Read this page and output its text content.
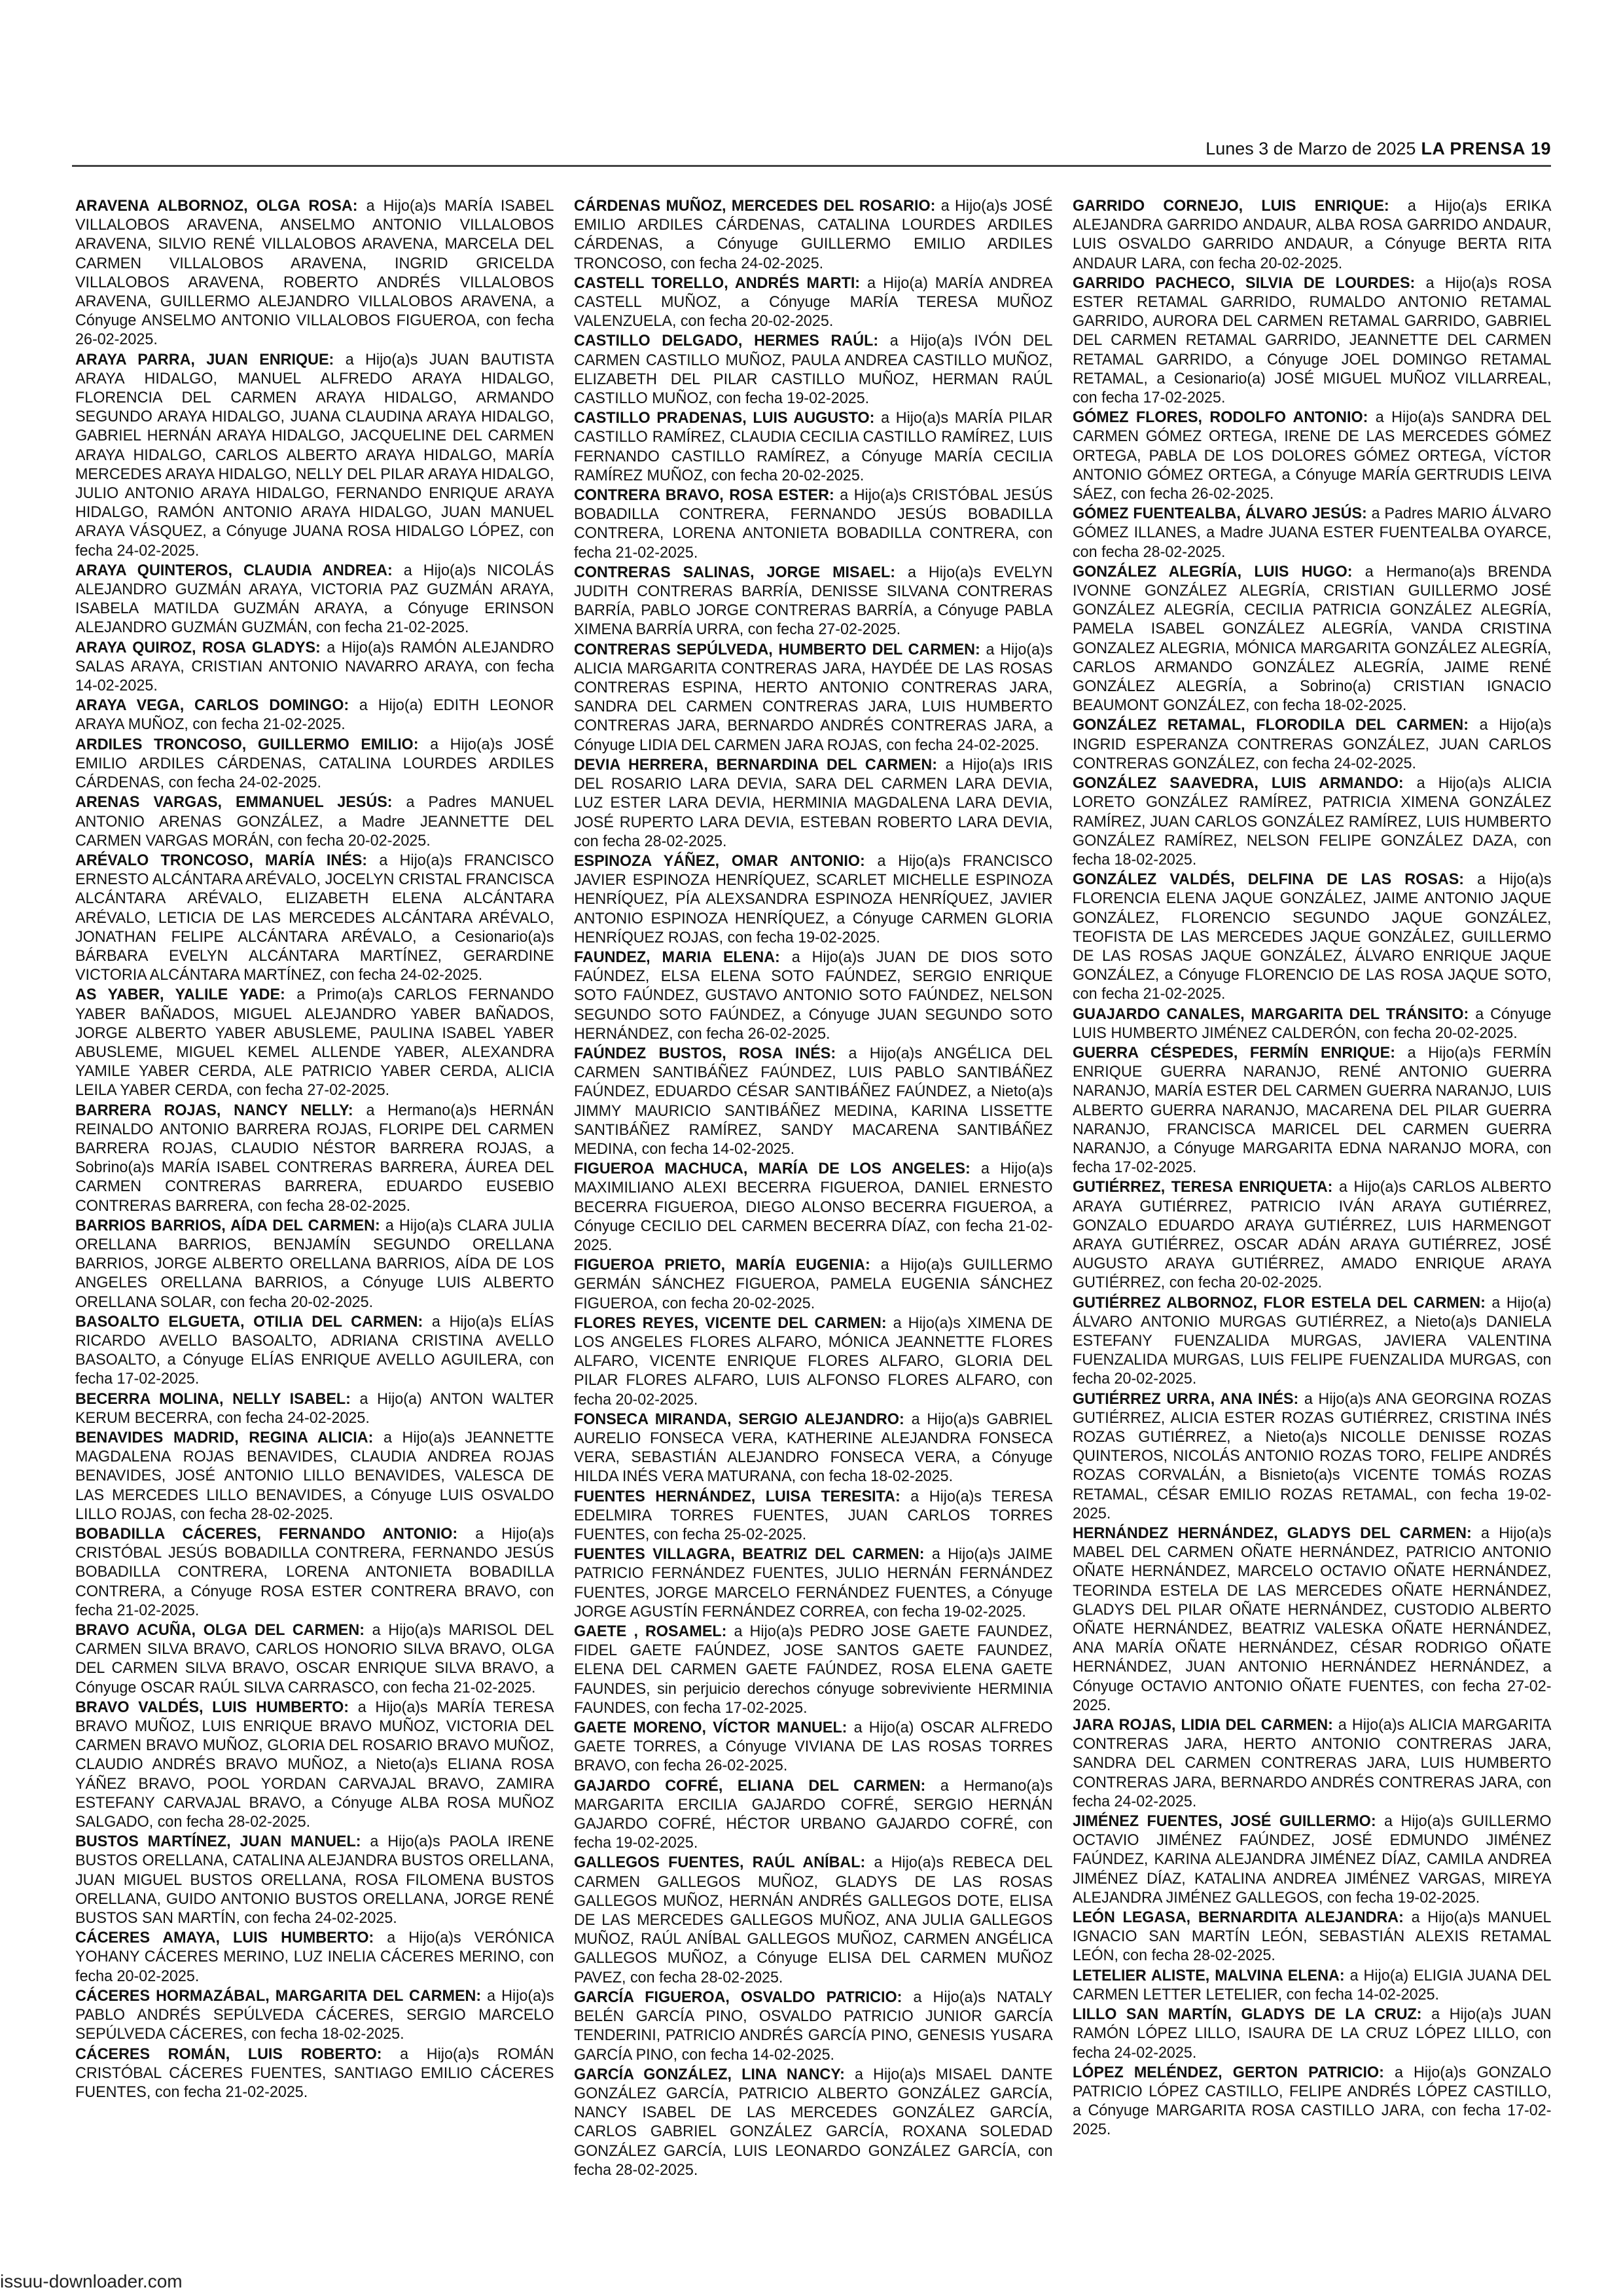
Lunes 3 de Marzo de 2025 LA PRENSA 19

ARAVENA ALBORNOZ, OLGA ROSA: a Hijo(a)s MARÍA ISABEL VILLALOBOS ARAVENA, ANSELMO ANTONIO VILLALOBOS ARAVENA, SILVIO RENÉ VILLALOBOS ARAVENA, MARCELA DEL CARMEN VILLALOBOS ARAVENA, INGRID GRICELDA VILLALOBOS ARAVENA, ROBERTO ANDRÉS VILLALOBOS ARAVENA, GUILLERMO ALEJANDRO VILLALOBOS ARAVENA, a Cónyuge ANSELMO ANTONIO VILLALOBOS FIGUEROA, con fecha 26-02-2025.

ARAYA PARRA, JUAN ENRIQUE: a Hijo(a)s JUAN BAUTISTA ARAYA HIDALGO, MANUEL ALFREDO ARAYA HIDALGO, FLORENCIA DEL CARMEN ARAYA HIDALGO, ARMANDO SEGUNDO ARAYA HIDALGO, JUANA CLAUDINA ARAYA HIDALGO, GABRIEL HERNÁN ARAYA HIDALGO, JACQUELINE DEL CARMEN ARAYA HIDALGO, CARLOS ALBERTO ARAYA HIDALGO, MARÍA MERCEDES ARAYA HIDALGO, NELLY DEL PILAR ARAYA HIDALGO, JULIO ANTONIO ARAYA HIDALGO, FERNANDO ENRIQUE ARAYA HIDALGO, RAMÓN ANTONIO ARAYA HIDALGO, JUAN MANUEL ARAYA VÁSQUEZ, a Cónyuge JUANA ROSA HIDALGO LÓPEZ, con fecha 24-02-2025.

ARAYA QUINTEROS, CLAUDIA ANDREA: a Hijo(a)s NICOLÁS ALEJANDRO GUZMÁN ARAYA, VICTORIA PAZ GUZMÁN ARAYA, ISABELA MATILDA GUZMÁN ARAYA, a Cónyuge ERINSON ALEJANDRO GUZMÁN GUZMÁN, con fecha 21-02-2025.

ARAYA QUIROZ, ROSA GLADYS: a Hijo(a)s RAMÓN ALEJANDRO SALAS ARAYA, CRISTIAN ANTONIO NAVARRO ARAYA, con fecha 14-02-2025.

ARAYA VEGA, CARLOS DOMINGO: a Hijo(a) EDITH LEONOR ARAYA MUÑOZ, con fecha 21-02-2025.

ARDILES TRONCOSO, GUILLERMO EMILIO: a Hijo(a)s JOSÉ EMILIO ARDILES CÁRDENAS, CATALINA LOURDES ARDILES CÁRDENAS, con fecha 24-02-2025.

ARENAS VARGAS, EMMANUEL JESÚS: a Padres MANUEL ANTONIO ARENAS GONZÁLEZ, a Madre JEANNETTE DEL CARMEN VARGAS MORÁN, con fecha 20-02-2025.

ARÉVALO TRONCOSO, MARÍA INÉS: a Hijo(a)s FRANCISCO ERNESTO ALCÁNTARA ARÉVALO, JOCELYN CRISTAL FRANCISCA ALCÁNTARA ARÉVALO, ELIZABETH ELENA ALCÁNTARA ARÉVALO, LETICIA DE LAS MERCEDES ALCÁNTARA ARÉVALO, JONATHAN FELIPE ALCÁNTARA ARÉVALO, a Cesionario(a)s BÁRBARA EVELYN ALCÁNTARA MARTÍNEZ, GERARDINE VICTORIA ALCÁNTARA MARTÍNEZ, con fecha 24-02-2025.

AS YABER, YALILE YADE: a Primo(a)s CARLOS FERNANDO YABER BAÑADOS, MIGUEL ALEJANDRO YABER BAÑADOS, JORGE ALBERTO YABER ABUSLEME, PAULINA ISABEL YABER ABUSLEME, MIGUEL KEMEL ALLENDE YABER, ALEXANDRA YAMILE YABER CERDA, ALE PATRICIO YABER CERDA, ALICIA LEILA YABER CERDA, con fecha 27-02-2025.

BARRERA ROJAS, NANCY NELLY: a Hermano(a)s HERNÁN REINALDO ANTONIO BARRERA ROJAS, FLORIPE DEL CARMEN BARRERA ROJAS, CLAUDIO NÉSTOR BARRERA ROJAS, a Sobrino(a)s MARÍA ISABEL CONTRERAS BARRERA, ÁUREA DEL CARMEN CONTRERAS BARRERA, EDUARDO EUSEBIO CONTRERAS BARRERA, con fecha 28-02-2025.

BARRIOS BARRIOS, AÍDA DEL CARMEN: a Hijo(a)s CLARA JULIA ORELLANA BARRIOS, BENJAMÍN SEGUNDO ORELLANA BARRIOS, JORGE ALBERTO ORELLANA BARRIOS, AÍDA DE LOS ANGELES ORELLANA BARRIOS, a Cónyuge LUIS ALBERTO ORELLANA SOLAR, con fecha 20-02-2025.

BASOALTO ELGUETA, OTILIA DEL CARMEN: a Hijo(a)s ELÍAS RICARDO AVELLO BASOALTO, ADRIANA CRISTINA AVELLO BASOALTO, a Cónyuge ELÍAS ENRIQUE AVELLO AGUILERA, con fecha 17-02-2025.

BECERRA MOLINA, NELLY ISABEL: a Hijo(a) ANTON WALTER KERUM BECERRA, con fecha 24-02-2025.

BENAVIDES MADRID, REGINA ALICIA: a Hijo(a)s JEANNETTE MAGDALENA ROJAS BENAVIDES, CLAUDIA ANDREA ROJAS BENAVIDES, JOSÉ ANTONIO LILLO BENAVIDES, VALESCA DE LAS MERCEDES LILLO BENAVIDES, a Cónyuge LUIS OSVALDO LILLO ROJAS, con fecha 28-02-2025.

BOBADILLA CÁCERES, FERNANDO ANTONIO: a Hijo(a)s CRISTÓBAL JESÚS BOBADILLA CONTRERA, FERNANDO JESÚS BOBADILLA CONTRERA, LORENA ANTONIETA BOBADILLA CONTRERA, a Cónyuge ROSA ESTER CONTRERA BRAVO, con fecha 21-02-2025.

BRAVO ACUÑA, OLGA DEL CARMEN: a Hijo(a)s MARISOL DEL CARMEN SILVA BRAVO, CARLOS HONORIO SILVA BRAVO, OLGA DEL CARMEN SILVA BRAVO, OSCAR ENRIQUE SILVA BRAVO, a Cónyuge OSCAR RAÚL SILVA CARRASCO, con fecha 21-02-2025.

BRAVO VALDÉS, LUIS HUMBERTO: a Hijo(a)s MARÍA TERESA BRAVO MUÑOZ, LUIS ENRIQUE BRAVO MUÑOZ, VICTORIA DEL CARMEN BRAVO MUÑOZ, GLORIA DEL ROSARIO BRAVO MUÑOZ, CLAUDIO ANDRÉS BRAVO MUÑOZ, a Nieto(a)s ELIANA ROSA YÁÑEZ BRAVO, POOL YORDAN CARVAJAL BRAVO, ZAMIRA ESTEFANY CARVAJAL BRAVO, a Cónyuge ALBA ROSA MUÑOZ SALGADO, con fecha 28-02-2025.

BUSTOS MARTÍNEZ, JUAN MANUEL: a Hijo(a)s PAOLA IRENE BUSTOS ORELLANA, CATALINA ALEJANDRA BUSTOS ORELLANA, JUAN MIGUEL BUSTOS ORELLANA, ROSA FILOMENA BUSTOS ORELLANA, GUIDO ANTONIO BUSTOS ORELLANA, JORGE RENÉ BUSTOS SAN MARTÍN, con fecha 24-02-2025.

CÁCERES AMAYA, LUIS HUMBERTO: a Hijo(a)s VERÓNICA YOHANY CÁCERES MERINO, LUZ INELIA CÁCERES MERINO, con fecha 20-02-2025.

CÁCERES HORMAZÁBAL, MARGARITA DEL CARMEN: a Hijo(a)s PABLO ANDRÉS SEPÚLVEDA CÁCERES, SERGIO MARCELO SEPÚLVEDA CÁCERES, con fecha 18-02-2025.

CÁCERES ROMÁN, LUIS ROBERTO: a Hijo(a)s ROMÁN CRISTÓBAL CÁCERES FUENTES, SANTIAGO EMILIO CÁCERES FUENTES, con fecha 21-02-2025.

CÁRDENAS MUÑOZ, MERCEDES DEL ROSARIO: a Hijo(a)s JOSÉ EMILIO ARDILES CÁRDENAS, CATALINA LOURDES ARDILES CÁRDENAS, a Cónyuge GUILLERMO EMILIO ARDILES TRONCOSO, con fecha 24-02-2025.

CASTELL TORELLO, ANDRÉS MARTI: a Hijo(a) MARÍA ANDREA CASTELL MUÑOZ, a Cónyuge MARÍA TERESA MUÑOZ VALENZUELA, con fecha 20-02-2025.

CASTILLO DELGADO, HERMES RAÚL: a Hijo(a)s IVÓN DEL CARMEN CASTILLO MUÑOZ, PAULA ANDREA CASTILLO MUÑOZ, ELIZABETH DEL PILAR CASTILLO MUÑOZ, HERMAN RAÚL CASTILLO MUÑOZ, con fecha 19-02-2025.

CASTILLO PRADENAS, LUIS AUGUSTO: a Hijo(a)s MARÍA PILAR CASTILLO RAMÍREZ, CLAUDIA CECILIA CASTILLO RAMÍREZ, LUIS FERNANDO CASTILLO RAMÍREZ, a Cónyuge MARÍA CECILIA RAMÍREZ MUÑOZ, con fecha 20-02-2025.

CONTRERA BRAVO, ROSA ESTER: a Hijo(a)s CRISTÓBAL JESÚS BOBADILLA CONTRERA, FERNANDO JESÚS BOBADILLA CONTRERA, LORENA ANTONIETA BOBADILLA CONTRERA, con fecha 21-02-2025.

CONTRERAS SALINAS, JORGE MISAEL: a Hijo(a)s EVELYN JUDITH CONTRERAS BARRÍA, DENISSE SILVANA CONTRERAS BARRÍA, PABLO JORGE CONTRERAS BARRÍA, a Cónyuge PABLA XIMENA BARRÍA URRA, con fecha 27-02-2025.

CONTRERAS SEPÚLVEDA, HUMBERTO DEL CARMEN: a Hijo(a)s ALICIA MARGARITA CONTRERAS JARA, HAYDÉE DE LAS ROSAS CONTRERAS ESPINA, HERTO ANTONIO CONTRERAS JARA, SANDRA DEL CARMEN CONTRERAS JARA, LUIS HUMBERTO CONTRERAS JARA, BERNARDO ANDRÉS CONTRERAS JARA, a Cónyuge LIDIA DEL CARMEN JARA ROJAS, con fecha 24-02-2025.

DEVIA HERRERA, BERNARDINA DEL CARMEN: a Hijo(a)s IRIS DEL ROSARIO LARA DEVIA, SARA DEL CARMEN LARA DEVIA, LUZ ESTER LARA DEVIA, HERMINIA MAGDALENA LARA DEVIA, JOSÉ RUPERTO LARA DEVIA, ESTEBAN ROBERTO LARA DEVIA, con fecha 28-02-2025.

ESPINOZA YÁÑEZ, OMAR ANTONIO: a Hijo(a)s FRANCISCO JAVIER ESPINOZA HENRÍQUEZ, SCARLET MICHELLE ESPINOZA HENRÍQUEZ, PÍA ALEXSANDRA ESPINOZA HENRÍQUEZ, JAVIER ANTONIO ESPINOZA HENRÍQUEZ, a Cónyuge CARMEN GLORIA HENRÍQUEZ ROJAS, con fecha 19-02-2025.

FAUNDEZ, MARIA ELENA: a Hijo(a)s JUAN DE DIOS SOTO FAÚNDEZ, ELSA ELENA SOTO FAÚNDEZ, SERGIO ENRIQUE SOTO FAÚNDEZ, GUSTAVO ANTONIO SOTO FAÚNDEZ, NELSON SEGUNDO SOTO FAÚNDEZ, a Cónyuge JUAN SEGUNDO SOTO HERNÁNDEZ, con fecha 26-02-2025.

FAÚNDEZ BUSTOS, ROSA INÉS: a Hijo(a)s ANGÉLICA DEL CARMEN SANTIBÁÑEZ FAÚNDEZ, LUIS PABLO SANTIBÁÑEZ FAÚNDEZ, EDUARDO CÉSAR SANTIBÁÑEZ FAÚNDEZ, a Nieto(a)s JIMMY MAURICIO SANTIBÁÑEZ MEDINA, KARINA LISSETTE SANTIBÁÑEZ RAMÍREZ, SANDY MACARENA SANTIBÁÑEZ MEDINA, con fecha 14-02-2025.

FIGUEROA MACHUCA, MARÍA DE LOS ANGELES: a Hijo(a)s MAXIMILIANO ALEXI BECERRA FIGUEROA, DANIEL ERNESTO BECERRA FIGUEROA, DIEGO ALONSO BECERRA FIGUEROA, a Cónyuge CECILIO DEL CARMEN BECERRA DÍAZ, con fecha 21-02-2025.

FIGUEROA PRIETO, MARÍA EUGENIA: a Hijo(a)s GUILLERMO GERMÁN SÁNCHEZ FIGUEROA, PAMELA EUGENIA SÁNCHEZ FIGUEROA, con fecha 20-02-2025.

FLORES REYES, VICENTE DEL CARMEN: a Hijo(a)s XIMENA DE LOS ANGELES FLORES ALFARO, MÓNICA JEANNETTE FLORES ALFARO, VICENTE ENRIQUE FLORES ALFARO, GLORIA DEL PILAR FLORES ALFARO, LUIS ALFONSO FLORES ALFARO, con fecha 20-02-2025.

FONSECA MIRANDA, SERGIO ALEJANDRO: a Hijo(a)s GABRIEL AURELIO FONSECA VERA, KATHERINE ALEJANDRA FONSECA VERA, SEBASTIÁN ALEJANDRO FONSECA VERA, a Cónyuge HILDA INÉS VERA MATURANA, con fecha 18-02-2025.

FUENTES HERNÁNDEZ, LUISA TERESITA: a Hijo(a)s TERESA EDELMIRA TORRES FUENTES, JUAN CARLOS TORRES FUENTES, con fecha 25-02-2025.

FUENTES VILLAGRA, BEATRIZ DEL CARMEN: a Hijo(a)s JAIME PATRICIO FERNÁNDEZ FUENTES, JULIO HERNÁN FERNÁNDEZ FUENTES, JORGE MARCELO FERNÁNDEZ FUENTES, a Cónyuge JORGE AGUSTÍN FERNÁNDEZ CORREA, con fecha 19-02-2025.

GAETE , ROSAMEL: a Hijo(a)s PEDRO JOSE GAETE FAUNDEZ, FIDEL GAETE FAÚNDEZ, JOSE SANTOS GAETE FAUNDEZ, ELENA DEL CARMEN GAETE FAÚNDEZ, ROSA ELENA GAETE FAUNDES, sin perjuicio derechos cónyuge sobreviviente HERMINIA FAUNDES, con fecha 17-02-2025.

GAETE MORENO, VÍCTOR MANUEL: a Hijo(a) OSCAR ALFREDO GAETE TORRES, a Cónyuge VIVIANA DE LAS ROSAS TORRES BRAVO, con fecha 26-02-2025.

GAJARDO COFRÉ, ELIANA DEL CARMEN: a Hermano(a)s MARGARITA ERCILIA GAJARDO COFRÉ, SERGIO HERNÁN GAJARDO COFRÉ, HÉCTOR URBANO GAJARDO COFRÉ, con fecha 19-02-2025.

GALLEGOS FUENTES, RAÚL ANÍBAL: a Hijo(a)s REBECA DEL CARMEN GALLEGOS MUÑOZ, GLADYS DE LAS ROSAS GALLEGOS MUÑOZ, HERNÁN ANDRÉS GALLEGOS DOTE, ELISA DE LAS MERCEDES GALLEGOS MUÑOZ, ANA JULIA GALLEGOS MUÑOZ, RAÚL ANÍBAL GALLEGOS MUÑOZ, CARMEN ANGÉLICA GALLEGOS MUÑOZ, a Cónyuge ELISA DEL CARMEN MUÑOZ PAVEZ, con fecha 28-02-2025.

GARCÍA FIGUEROA, OSVALDO PATRICIO: a Hijo(a)s NATALY BELÉN GARCÍA PINO, OSVALDO PATRICIO JUNIOR GARCÍA TENDERINI, PATRICIO ANDRÉS GARCÍA PINO, GENESIS YUSARA GARCÍA PINO, con fecha 14-02-2025.

GARCÍA GONZÁLEZ, LINA NANCY: a Hijo(a)s MISAEL DANTE GONZÁLEZ GARCÍA, PATRICIO ALBERTO GONZÁLEZ GARCÍA, NANCY ISABEL DE LAS MERCEDES GONZÁLEZ GARCÍA, CARLOS GABRIEL GONZÁLEZ GARCÍA, ROXANA SOLEDAD GONZÁLEZ GARCÍA, LUIS LEONARDO GONZÁLEZ GARCÍA, con fecha 28-02-2025.

GARRIDO CORNEJO, LUIS ENRIQUE: a Hijo(a)s ERIKA ALEJANDRA GARRIDO ANDAUR, ALBA ROSA GARRIDO ANDAUR, LUIS OSVALDO GARRIDO ANDAUR, a Cónyuge BERTA RITA ANDAUR LARA, con fecha 20-02-2025.

GARRIDO PACHECO, SILVIA DE LOURDES: a Hijo(a)s ROSA ESTER RETAMAL GARRIDO, RUMALDO ANTONIO RETAMAL GARRIDO, AURORA DEL CARMEN RETAMAL GARRIDO, GABRIEL DEL CARMEN RETAMAL GARRIDO, JEANNETTE DEL CARMEN RETAMAL GARRIDO, a Cónyuge JOEL DOMINGO RETAMAL RETAMAL, a Cesionario(a) JOSÉ MIGUEL MUÑOZ VILLARREAL, con fecha 17-02-2025.

GÓMEZ FLORES, RODOLFO ANTONIO: a Hijo(a)s SANDRA DEL CARMEN GÓMEZ ORTEGA, IRENE DE LAS MERCEDES GÓMEZ ORTEGA, PABLA DE LOS DOLORES GÓMEZ ORTEGA, VÍCTOR ANTONIO GÓMEZ ORTEGA, a Cónyuge MARÍA GERTRUDIS LEIVA SÁEZ, con fecha 26-02-2025.

GÓMEZ FUENTEALBA, ÁLVARO JESÚS: a Padres MARIO ÁLVARO GÓMEZ ILLANES, a Madre JUANA ESTER FUENTEALBA OYARCE, con fecha 28-02-2025.

GONZÁLEZ ALEGRÍA, LUIS HUGO: a Hermano(a)s BRENDA IVONNE GONZÁLEZ ALEGRÍA, CRISTIAN GUILLERMO JOSÉ GONZÁLEZ ALEGRÍA, CECILIA PATRICIA GONZÁLEZ ALEGRÍA, PAMELA ISABEL GONZÁLEZ ALEGRÍA, VANDA CRISTINA GONZALEZ ALEGRIA, MÓNICA MARGARITA GONZÁLEZ ALEGRÍA, CARLOS ARMANDO GONZÁLEZ ALEGRÍA, JAIME RENÉ GONZÁLEZ ALEGRÍA, a Sobrino(a) CRISTIAN IGNACIO BEAUMONT GONZÁLEZ, con fecha 18-02-2025.

GONZÁLEZ RETAMAL, FLORODILA DEL CARMEN: a Hijo(a)s INGRID ESPERANZA CONTRERAS GONZÁLEZ, JUAN CARLOS CONTRERAS GONZÁLEZ, con fecha 24-02-2025.

GONZÁLEZ SAAVEDRA, LUIS ARMANDO: a Hijo(a)s ALICIA LORETO GONZÁLEZ RAMÍREZ, PATRICIA XIMENA GONZÁLEZ RAMÍREZ, JUAN CARLOS GONZÁLEZ RAMÍREZ, LUIS HUMBERTO GONZÁLEZ RAMÍREZ, NELSON FELIPE GONZÁLEZ DAZA, con fecha 18-02-2025.

GONZÁLEZ VALDÉS, DELFINA DE LAS ROSAS: a Hijo(a)s FLORENCIA ELENA JAQUE GONZÁLEZ, JAIME ANTONIO JAQUE GONZÁLEZ, FLORENCIO SEGUNDO JAQUE GONZÁLEZ, TEOFISTA DE LAS MERCEDES JAQUE GONZÁLEZ, GUILLERMO DE LAS ROSAS JAQUE GONZÁLEZ, ÁLVARO ENRIQUE JAQUE GONZÁLEZ, a Cónyuge FLORENCIO DE LAS ROSA JAQUE SOTO, con fecha 21-02-2025.

GUAJARDO CANALES, MARGARITA DEL TRÁNSITO: a Cónyuge LUIS HUMBERTO JIMÉNEZ CALDERÓN, con fecha 20-02-2025.

GUERRA CÉSPEDES, FERMÍN ENRIQUE: a Hijo(a)s FERMÍN ENRIQUE GUERRA NARANJO, RENÉ ANTONIO GUERRA NARANJO, MARÍA ESTER DEL CARMEN GUERRA NARANJO, LUIS ALBERTO GUERRA NARANJO, MACARENA DEL PILAR GUERRA NARANJO, FRANCISCA MARICEL DEL CARMEN GUERRA NARANJO, a Cónyuge MARGARITA EDNA NARANJO MORA, con fecha 17-02-2025.

GUTIÉRREZ, TERESA ENRIQUETA: a Hijo(a)s CARLOS ALBERTO ARAYA GUTIÉRREZ, PATRICIO IVÁN ARAYA GUTIÉRREZ, GONZALO EDUARDO ARAYA GUTIÉRREZ, LUIS HARMENGOT ARAYA GUTIÉRREZ, OSCAR ADÁN ARAYA GUTIÉRREZ, JOSÉ AUGUSTO ARAYA GUTIÉRREZ, AMADO ENRIQUE ARAYA GUTIÉRREZ, con fecha 20-02-2025.

GUTIÉRREZ ALBORNOZ, FLOR ESTELA DEL CARMEN: a Hijo(a) ÁLVARO ANTONIO MURGAS GUTIÉRREZ, a Nieto(a)s DANIELA ESTEFANY FUENZALIDA MURGAS, JAVIERA VALENTINA FUENZALIDA MURGAS, LUIS FELIPE FUENZALIDA MURGAS, con fecha 20-02-2025.

GUTIÉRREZ URRA, ANA INÉS: a Hijo(a)s ANA GEORGINA ROZAS GUTIÉRREZ, ALICIA ESTER ROZAS GUTIÉRREZ, CRISTINA INÉS ROZAS GUTIÉRREZ, a Nieto(a)s NICOLLE DENISSE ROZAS QUINTEROS, NICOLÁS ANTONIO ROZAS TORO, FELIPE ANDRÉS ROZAS CORVALÁN, a Bisnieto(a)s VICENTE TOMÁS ROZAS RETAMAL, CÉSAR EMILIO ROZAS RETAMAL, con fecha 19-02-2025.

HERNÁNDEZ HERNÁNDEZ, GLADYS DEL CARMEN: a Hijo(a)s MABEL DEL CARMEN OÑATE HERNÁNDEZ, PATRICIO ANTONIO OÑATE HERNÁNDEZ, MARCELO OCTAVIO OÑATE HERNÁNDEZ, TEORINDA ESTELA DE LAS MERCEDES OÑATE HERNÁNDEZ, GLADYS DEL PILAR OÑATE HERNÁNDEZ, CUSTODIO ALBERTO OÑATE HERNÁNDEZ, BEATRIZ VALESKA OÑATE HERNÁNDEZ, ANA MARÍA OÑATE HERNÁNDEZ, CÉSAR RODRIGO OÑATE HERNÁNDEZ, JUAN ANTONIO HERNÁNDEZ HERNÁNDEZ, a Cónyuge OCTAVIO ANTONIO OÑATE FUENTES, con fecha 27-02-2025.

JARA ROJAS, LIDIA DEL CARMEN: a Hijo(a)s ALICIA MARGARITA CONTRERAS JARA, HERTO ANTONIO CONTRERAS JARA, SANDRA DEL CARMEN CONTRERAS JARA, LUIS HUMBERTO CONTRERAS JARA, BERNARDO ANDRÉS CONTRERAS JARA, con fecha 24-02-2025.

JIMÉNEZ FUENTES, JOSÉ GUILLERMO: a Hijo(a)s GUILLERMO OCTAVIO JIMÉNEZ FAÚNDEZ, JOSÉ EDMUNDO JIMÉNEZ FAÚNDEZ, KARINA ALEJANDRA JIMÉNEZ DÍAZ, CAMILA ANDREA JIMÉNEZ DÍAZ, KATALINA ANDREA JIMÉNEZ VARGAS, MIREYA ALEJANDRA JIMÉNEZ GALLEGOS, con fecha 19-02-2025.

LEÓN LEGASA, BERNARDITA ALEJANDRA: a Hijo(a)s MANUEL IGNACIO SAN MARTÍN LEÓN, SEBASTIÁN ALEXIS RETAMAL LEÓN, con fecha 28-02-2025.

LETELIER ALISTE, MALVINA ELENA: a Hijo(a) ELIGIA JUANA DEL CARMEN LETTER LETELIER, con fecha 14-02-2025.

LILLO SAN MARTÍN, GLADYS DE LA CRUZ: a Hijo(a)s JUAN RAMÓN LÓPEZ LILLO, ISAURA DE LA CRUZ LÓPEZ LILLO, con fecha 24-02-2025.

LÓPEZ MELÉNDEZ, GERTON PATRICIO: a Hijo(a)s GONZALO PATRICIO LÓPEZ CASTILLO, FELIPE ANDRÉS LÓPEZ CASTILLO, a Cónyuge MARGARITA ROSA CASTILLO JARA, con fecha 17-02-2025.

issuu-downloader.com
